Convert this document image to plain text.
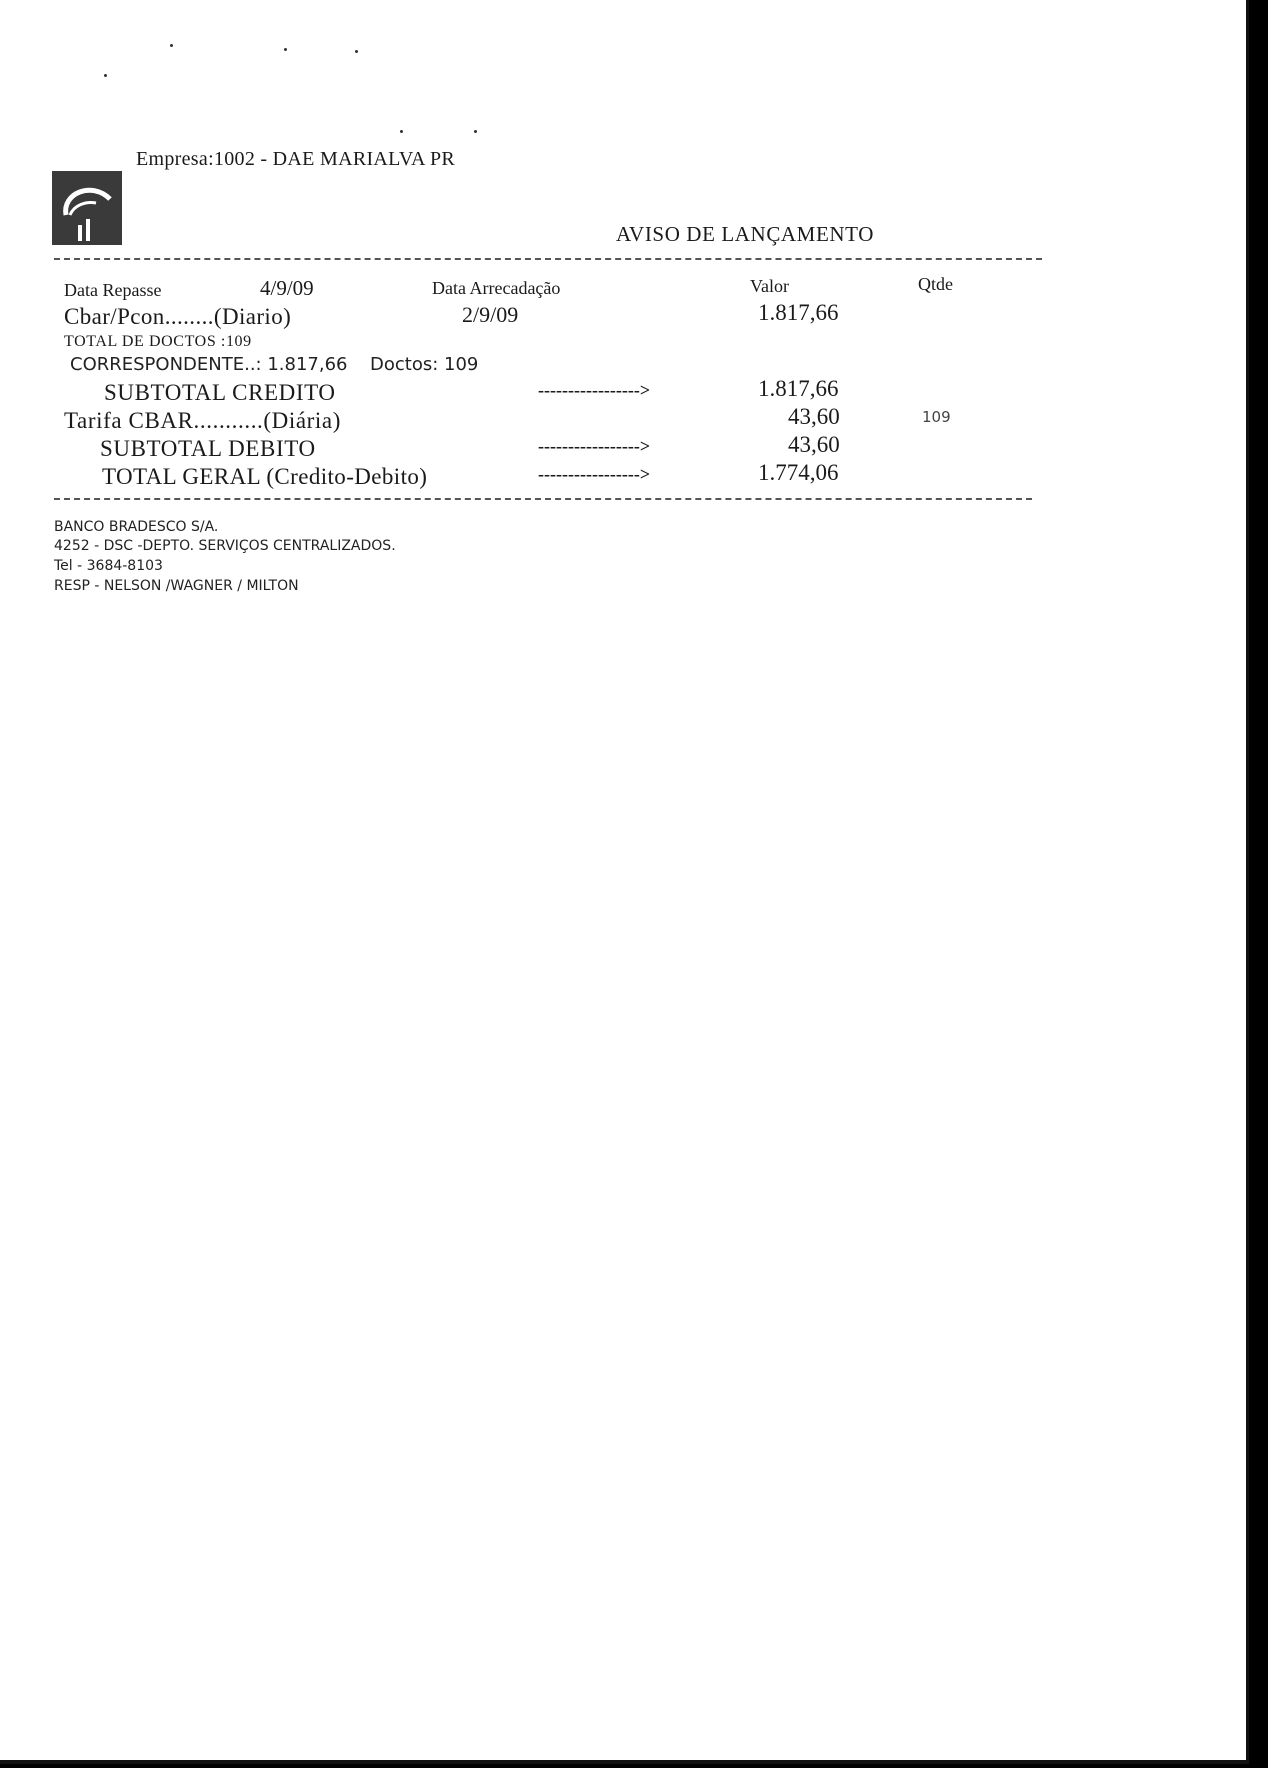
Empresa:1002 - DAE MARIALVA PR
AVISO DE LANÇAMENTO
Data Repasse	4/9/09	Data Arrecadação	Valor	Qtde
Cbar/Pcon........(Diario)	2/9/09	1.817,66
TOTAL DE DOCTOS :109
CORRESPONDENTE..: 1.817,66 Doctos: 109
SUBTOTAL CREDITO	----------------->	1.817,66
Tarifa CBAR...........(Diária)	43,60	109
SUBTOTAL DEBITO	----------------->	43,60
TOTAL GERAL (Credito-Debito)	----------------->	1.774,06
BANCO BRADESCO S/A.
4252 - DSC -DEPTO. SERVIÇOS CENTRALIZADOS.
Tel - 3684-8103
RESP - NELSON /WAGNER / MILTON
